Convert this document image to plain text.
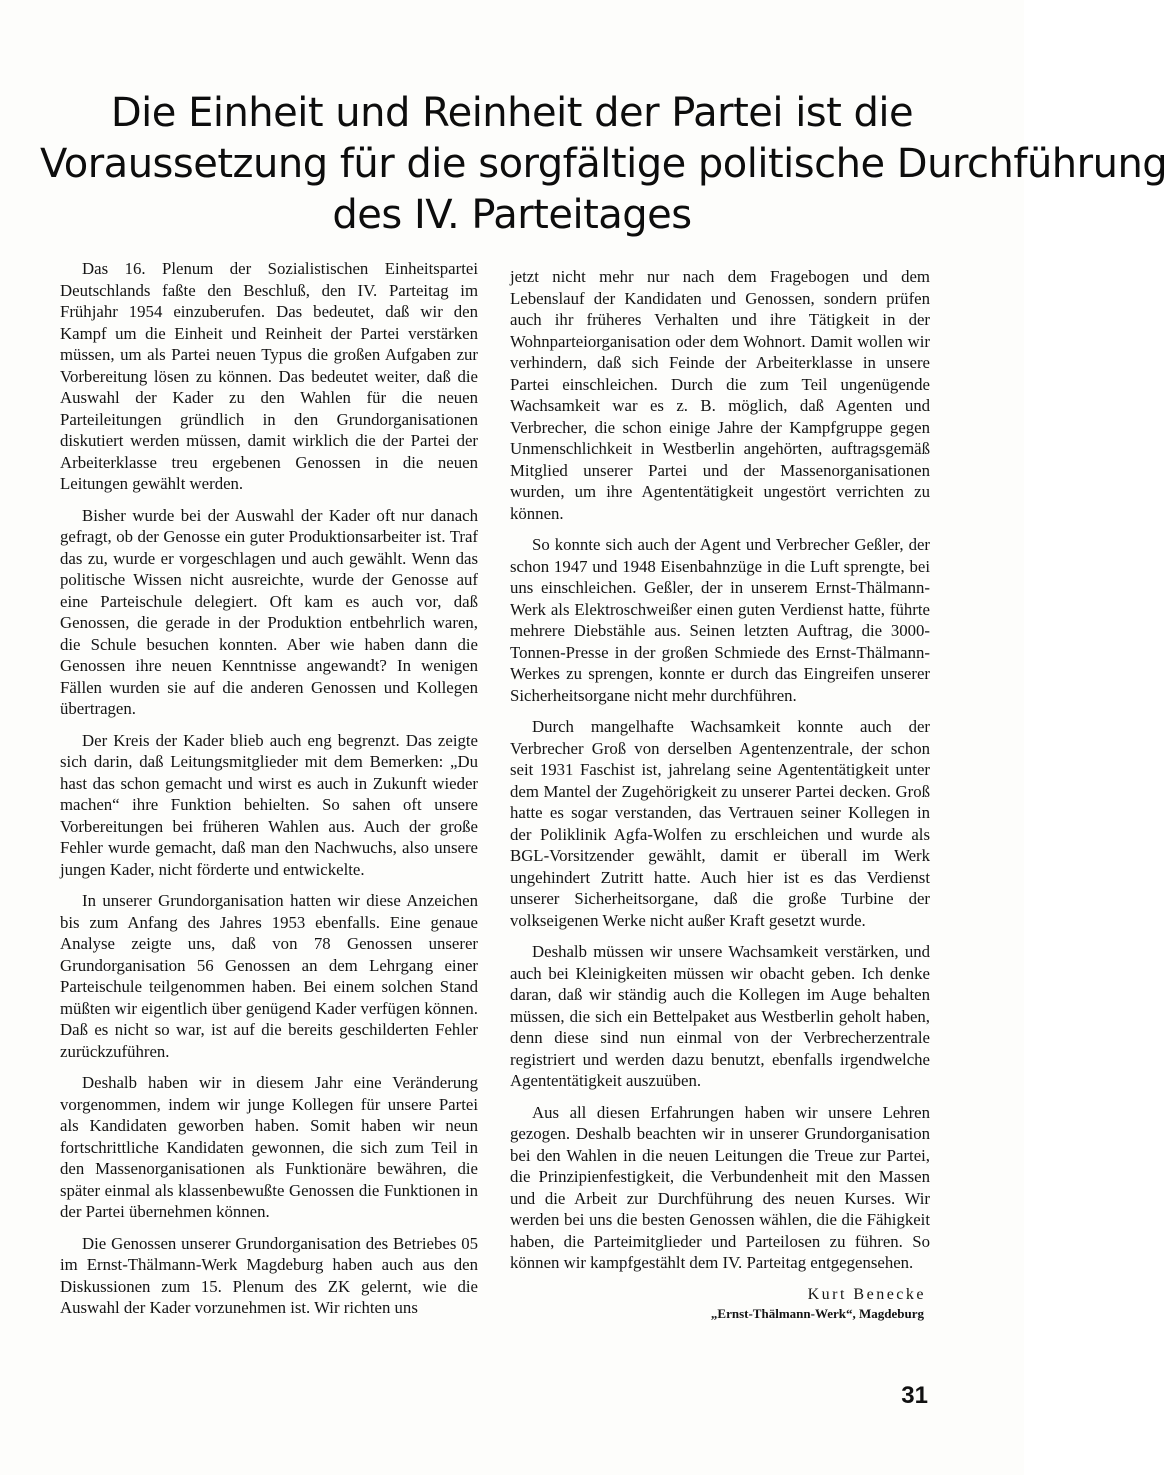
Die Einheit und Reinheit der Partei ist die
Voraussetzung für die sorgfältige politische Durchführung
des IV. Parteitages

Das 16. Plenum der Sozialistischen Einheitspartei Deutschlands faßte den Beschluß, den IV. Parteitag im Frühjahr 1954 einzuberufen. Das bedeutet, daß wir den Kampf um die Einheit und Reinheit der Partei verstärken müssen, um als Partei neuen Typus die großen Aufgaben zur Vorbereitung lösen zu können. Das bedeutet weiter, daß die Auswahl der Kader zu den Wahlen für die neuen Parteileitungen gründlich in den Grundorganisationen diskutiert werden müssen, damit wirklich die der Partei der Arbeiterklasse treu ergebenen Genossen in die neuen Leitungen gewählt werden.

Bisher wurde bei der Auswahl der Kader oft nur danach gefragt, ob der Genosse ein guter Produktionsarbeiter ist. Traf das zu, wurde er vorgeschlagen und auch gewählt. Wenn das politische Wissen nicht ausreichte, wurde der Genosse auf eine Parteischule delegiert. Oft kam es auch vor, daß Genossen, die gerade in der Produktion entbehrlich waren, die Schule besuchen konnten. Aber wie haben dann die Genossen ihre neuen Kenntnisse angewandt? In wenigen Fällen wurden sie auf die anderen Genossen und Kollegen übertragen.

Der Kreis der Kader blieb auch eng begrenzt. Das zeigte sich darin, daß Leitungsmitglieder mit dem Bemerken: „Du hast das schon gemacht und wirst es auch in Zukunft wieder machen“ ihre Funktion behielten. So sahen oft unsere Vorbereitungen bei früheren Wahlen aus. Auch der große Fehler wurde gemacht, daß man den Nachwuchs, also unsere jungen Kader, nicht förderte und entwickelte.

In unserer Grundorganisation hatten wir diese Anzeichen bis zum Anfang des Jahres 1953 ebenfalls. Eine genaue Analyse zeigte uns, daß von 78 Genossen unserer Grundorganisation 56 Genossen an dem Lehrgang einer Parteischule teilgenommen haben. Bei einem solchen Stand müßten wir eigentlich über genügend Kader verfügen können. Daß es nicht so war, ist auf die bereits geschilderten Fehler zurückzuführen.

Deshalb haben wir in diesem Jahr eine Veränderung vorgenommen, indem wir junge Kollegen für unsere Partei als Kandidaten geworben haben. Somit haben wir neun fortschrittliche Kandidaten gewonnen, die sich zum Teil in den Massenorganisationen als Funktionäre bewähren, die später einmal als klassenbewußte Genossen die Funktionen in der Partei übernehmen können.

Die Genossen unserer Grundorganisation des Betriebes 05 im Ernst-Thälmann-Werk Magdeburg haben auch aus den Diskussionen zum 15. Plenum des ZK gelernt, wie die Auswahl der Kader vorzunehmen ist. Wir richten uns

jetzt nicht mehr nur nach dem Fragebogen und dem Lebenslauf der Kandidaten und Genossen, sondern prüfen auch ihr früheres Verhalten und ihre Tätigkeit in der Wohnparteiorganisation oder dem Wohnort. Damit wollen wir verhindern, daß sich Feinde der Arbeiterklasse in unsere Partei einschleichen. Durch die zum Teil ungenügende Wachsamkeit war es z. B. möglich, daß Agenten und Verbrecher, die schon einige Jahre der Kampfgruppe gegen Unmenschlichkeit in Westberlin angehörten, auftragsgemäß Mitglied unserer Partei und der Massenorganisationen wurden, um ihre Agententätigkeit ungestört verrichten zu können.

So konnte sich auch der Agent und Verbrecher Geßler, der schon 1947 und 1948 Eisenbahnzüge in die Luft sprengte, bei uns einschleichen. Geßler, der in unserem Ernst-Thälmann-Werk als Elektroschweißer einen guten Verdienst hatte, führte mehrere Diebstähle aus. Seinen letzten Auftrag, die 3000-Tonnen-Presse in der großen Schmiede des Ernst-Thälmann-Werkes zu sprengen, konnte er durch das Eingreifen unserer Sicherheitsorgane nicht mehr durchführen.

Durch mangelhafte Wachsamkeit konnte auch der Verbrecher Groß von derselben Agentenzentrale, der schon seit 1931 Faschist ist, jahrelang seine Agententätigkeit unter dem Mantel der Zugehörigkeit zu unserer Partei decken. Groß hatte es sogar verstanden, das Vertrauen seiner Kollegen in der Poliklinik Agfa-Wolfen zu erschleichen und wurde als BGL-Vorsitzender gewählt, damit er überall im Werk ungehindert Zutritt hatte. Auch hier ist es das Verdienst unserer Sicherheitsorgane, daß die große Turbine der volkseigenen Werke nicht außer Kraft gesetzt wurde.

Deshalb müssen wir unsere Wachsamkeit verstärken, und auch bei Kleinigkeiten müssen wir obacht geben. Ich denke daran, daß wir ständig auch die Kollegen im Auge behalten müssen, die sich ein Bettelpaket aus Westberlin geholt haben, denn diese sind nun einmal von der Verbrecherzentrale registriert und werden dazu benutzt, ebenfalls irgendwelche Agententätigkeit auszuüben.

Aus all diesen Erfahrungen haben wir unsere Lehren gezogen. Deshalb beachten wir in unserer Grundorganisation bei den Wahlen in die neuen Leitungen die Treue zur Partei, die Prinzipienfestigkeit, die Verbundenheit mit den Massen und die Arbeit zur Durchführung des neuen Kurses. Wir werden bei uns die besten Genossen wählen, die die Fähigkeit haben, die Parteimitglieder und Parteilosen zu führen. So können wir kampfgestählt dem IV. Parteitag entgegensehen.

Kurt Benecke
„Ernst-Thälmann-Werk“, Magdeburg
31
